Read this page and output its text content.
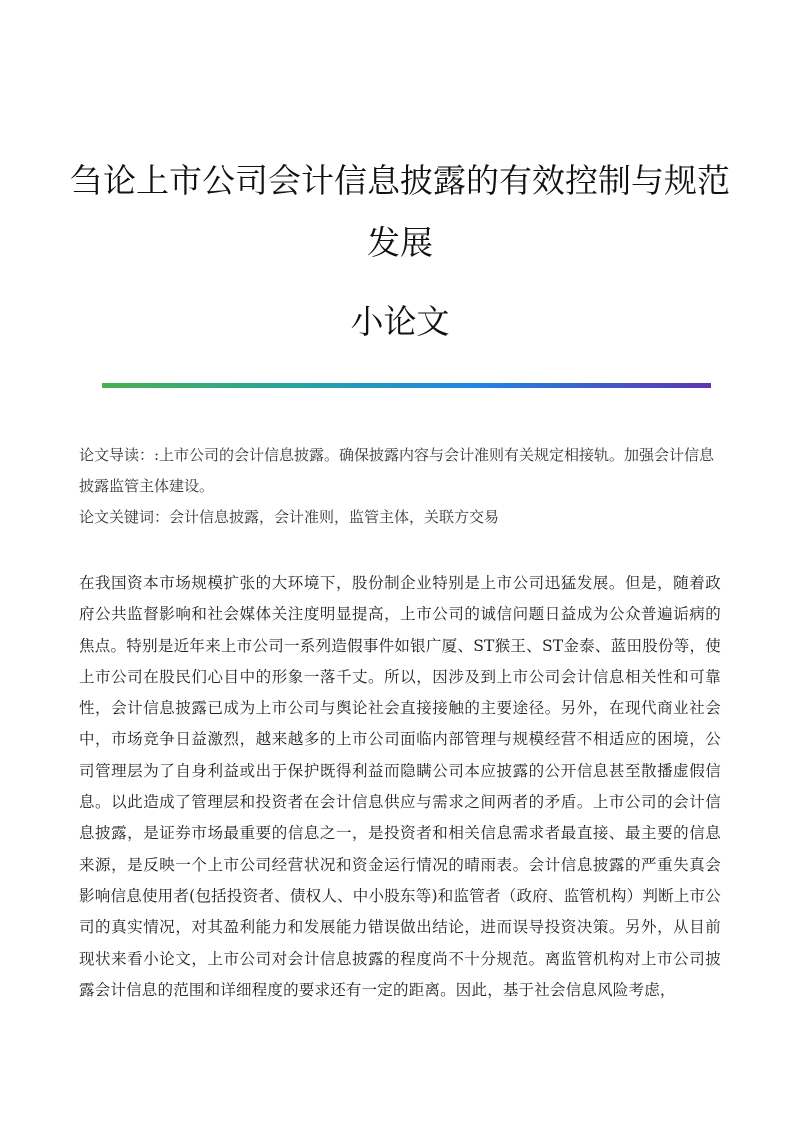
刍论上市公司会计信息披露的有效控制与规范发展
小论文

论文导读：:上市公司的会计信息披露。确保披露内容与会计准则有关规定相接轨。加强会计信息披露监管主体建设。

论文关键词：会计信息披露，会计准则，监管主体，关联方交易

在我国资本市场规模扩张的大环境下，股份制企业特别是上市公司迅猛发展。但是，随着政府公共监督影响和社会媒体关注度明显提高，上市公司的诚信问题日益成为公众普遍诟病的焦点。特别是近年来上市公司一系列造假事件如银广厦、ST猴王、ST金泰、蓝田股份等，使上市公司在股民们心目中的形象一落千丈。所以，因涉及到上市公司会计信息相关性和可靠性，会计信息披露已成为上市公司与舆论社会直接接触的主要途径。另外，在现代商业社会中，市场竞争日益激烈，越来越多的上市公司面临内部管理与规模经营不相适应的困境，公司管理层为了自身利益或出于保护既得利益而隐瞒公司本应披露的公开信息甚至散播虚假信息。以此造成了管理层和投资者在会计信息供应与需求之间两者的矛盾。上市公司的会计信息披露，是证券市场最重要的信息之一，是投资者和相关信息需求者最直接、最主要的信息来源，是反映一个上市公司经营状况和资金运行情况的晴雨表。会计信息披露的严重失真会影响信息使用者(包括投资者、债权人、中小股东等)和监管者（政府、监管机构）判断上市公司的真实情况，对其盈利能力和发展能力错误做出结论，进而误导投资决策。另外，从目前现状来看小论文，上市公司对会计信息披露的程度尚不十分规范。离监管机构对上市公司披露会计信息的范围和详细程度的要求还有一定的距离。因此，基于社会信息风险考虑，
